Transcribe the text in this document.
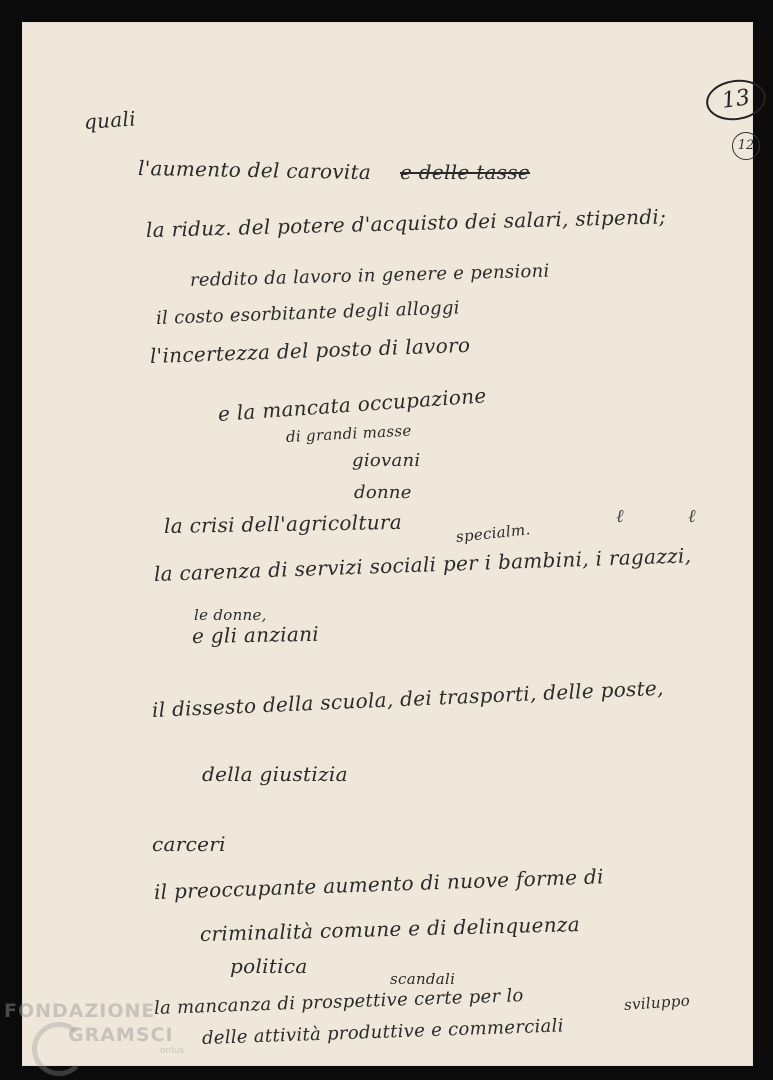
13
12
quali
l'aumento del carovita e delle tasse
la riduz. del potere d'acquisto dei salari, stipendi;
reddito da lavoro in genere e pensioni
il costo esorbitante degli alloggi
l'incertezza del posto di lavoro
e la mancata occupazione
di grandi masse
giovani
donne
la crisi dell'agricoltura	specialm.
la carenza di servizi sociali per i bambini, i ragazzi,
le donne,
e gli anziani
il dissesto della scuola, dei trasporti, delle poste,
della giustizia
carceri
il preoccupante aumento di nuove forme di
criminalità comune e di delinquenza
politica
scandali
la mancanza di prospettive certe per lo	sviluppo
delle attività produttive e commerciali
ℓ	ℓ
FONDAZIONE
GRAMSCI
onlus
